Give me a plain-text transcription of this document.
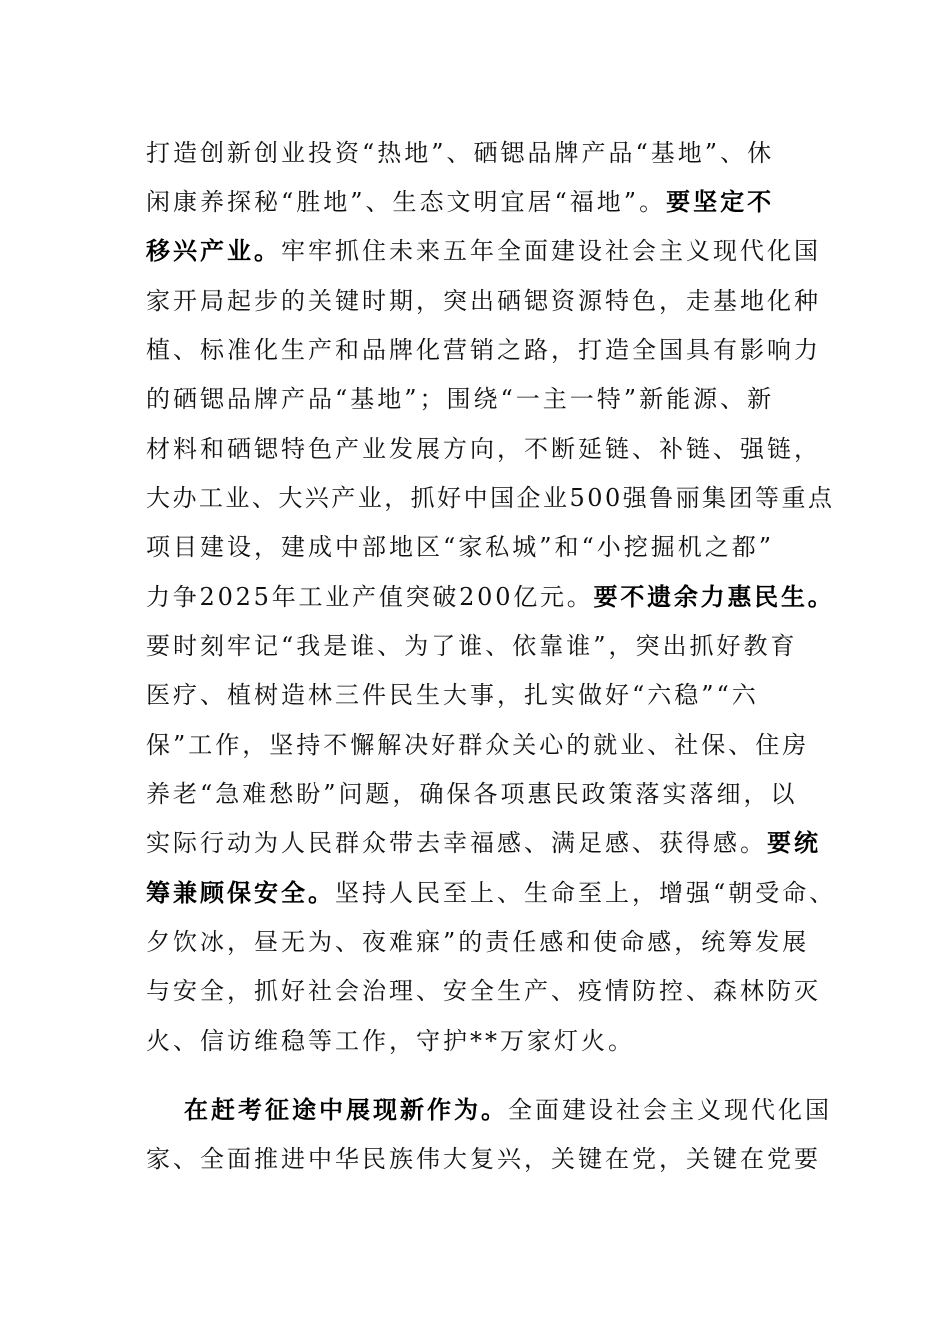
打造创新创业投资“热地”、硒锶品牌产品“基地”、休
闲康养探秘“胜地”、生态文明宜居“福地”。要坚定不
移兴产业。牢牢抓住未来五年全面建设社会主义现代化国
家开局起步的关键时期，突出硒锶资源特色，走基地化种
植、标准化生产和品牌化营销之路，打造全国具有影响力
的硒锶品牌产品“基地”；围绕“一主一特”新能源、新
材料和硒锶特色产业发展方向，不断延链、补链、强链，
大办工业、大兴产业，抓好中国企业500强鲁丽集团等重点
项目建设，建成中部地区“家私城”和“小挖掘机之都”
力争2025年工业产值突破200亿元。要不遗余力惠民生。
要时刻牢记“我是谁、为了谁、依靠谁”，突出抓好教育
医疗、植树造林三件民生大事，扎实做好“六稳”“六
保”工作，坚持不懈解决好群众关心的就业、社保、住房
养老“急难愁盼”问题，确保各项惠民政策落实落细，以
实际行动为人民群众带去幸福感、满足感、获得感。要统
筹兼顾保安全。坚持人民至上、生命至上，增强“朝受命、
夕饮冰，昼无为、夜难寐”的责任感和使命感，统筹发展
与安全，抓好社会治理、安全生产、疫情防控、森林防灭
火、信访维稳等工作，守护**万家灯火。
在赶考征途中展现新作为。全面建设社会主义现代化国
家、全面推进中华民族伟大复兴，关键在党，关键在党要
